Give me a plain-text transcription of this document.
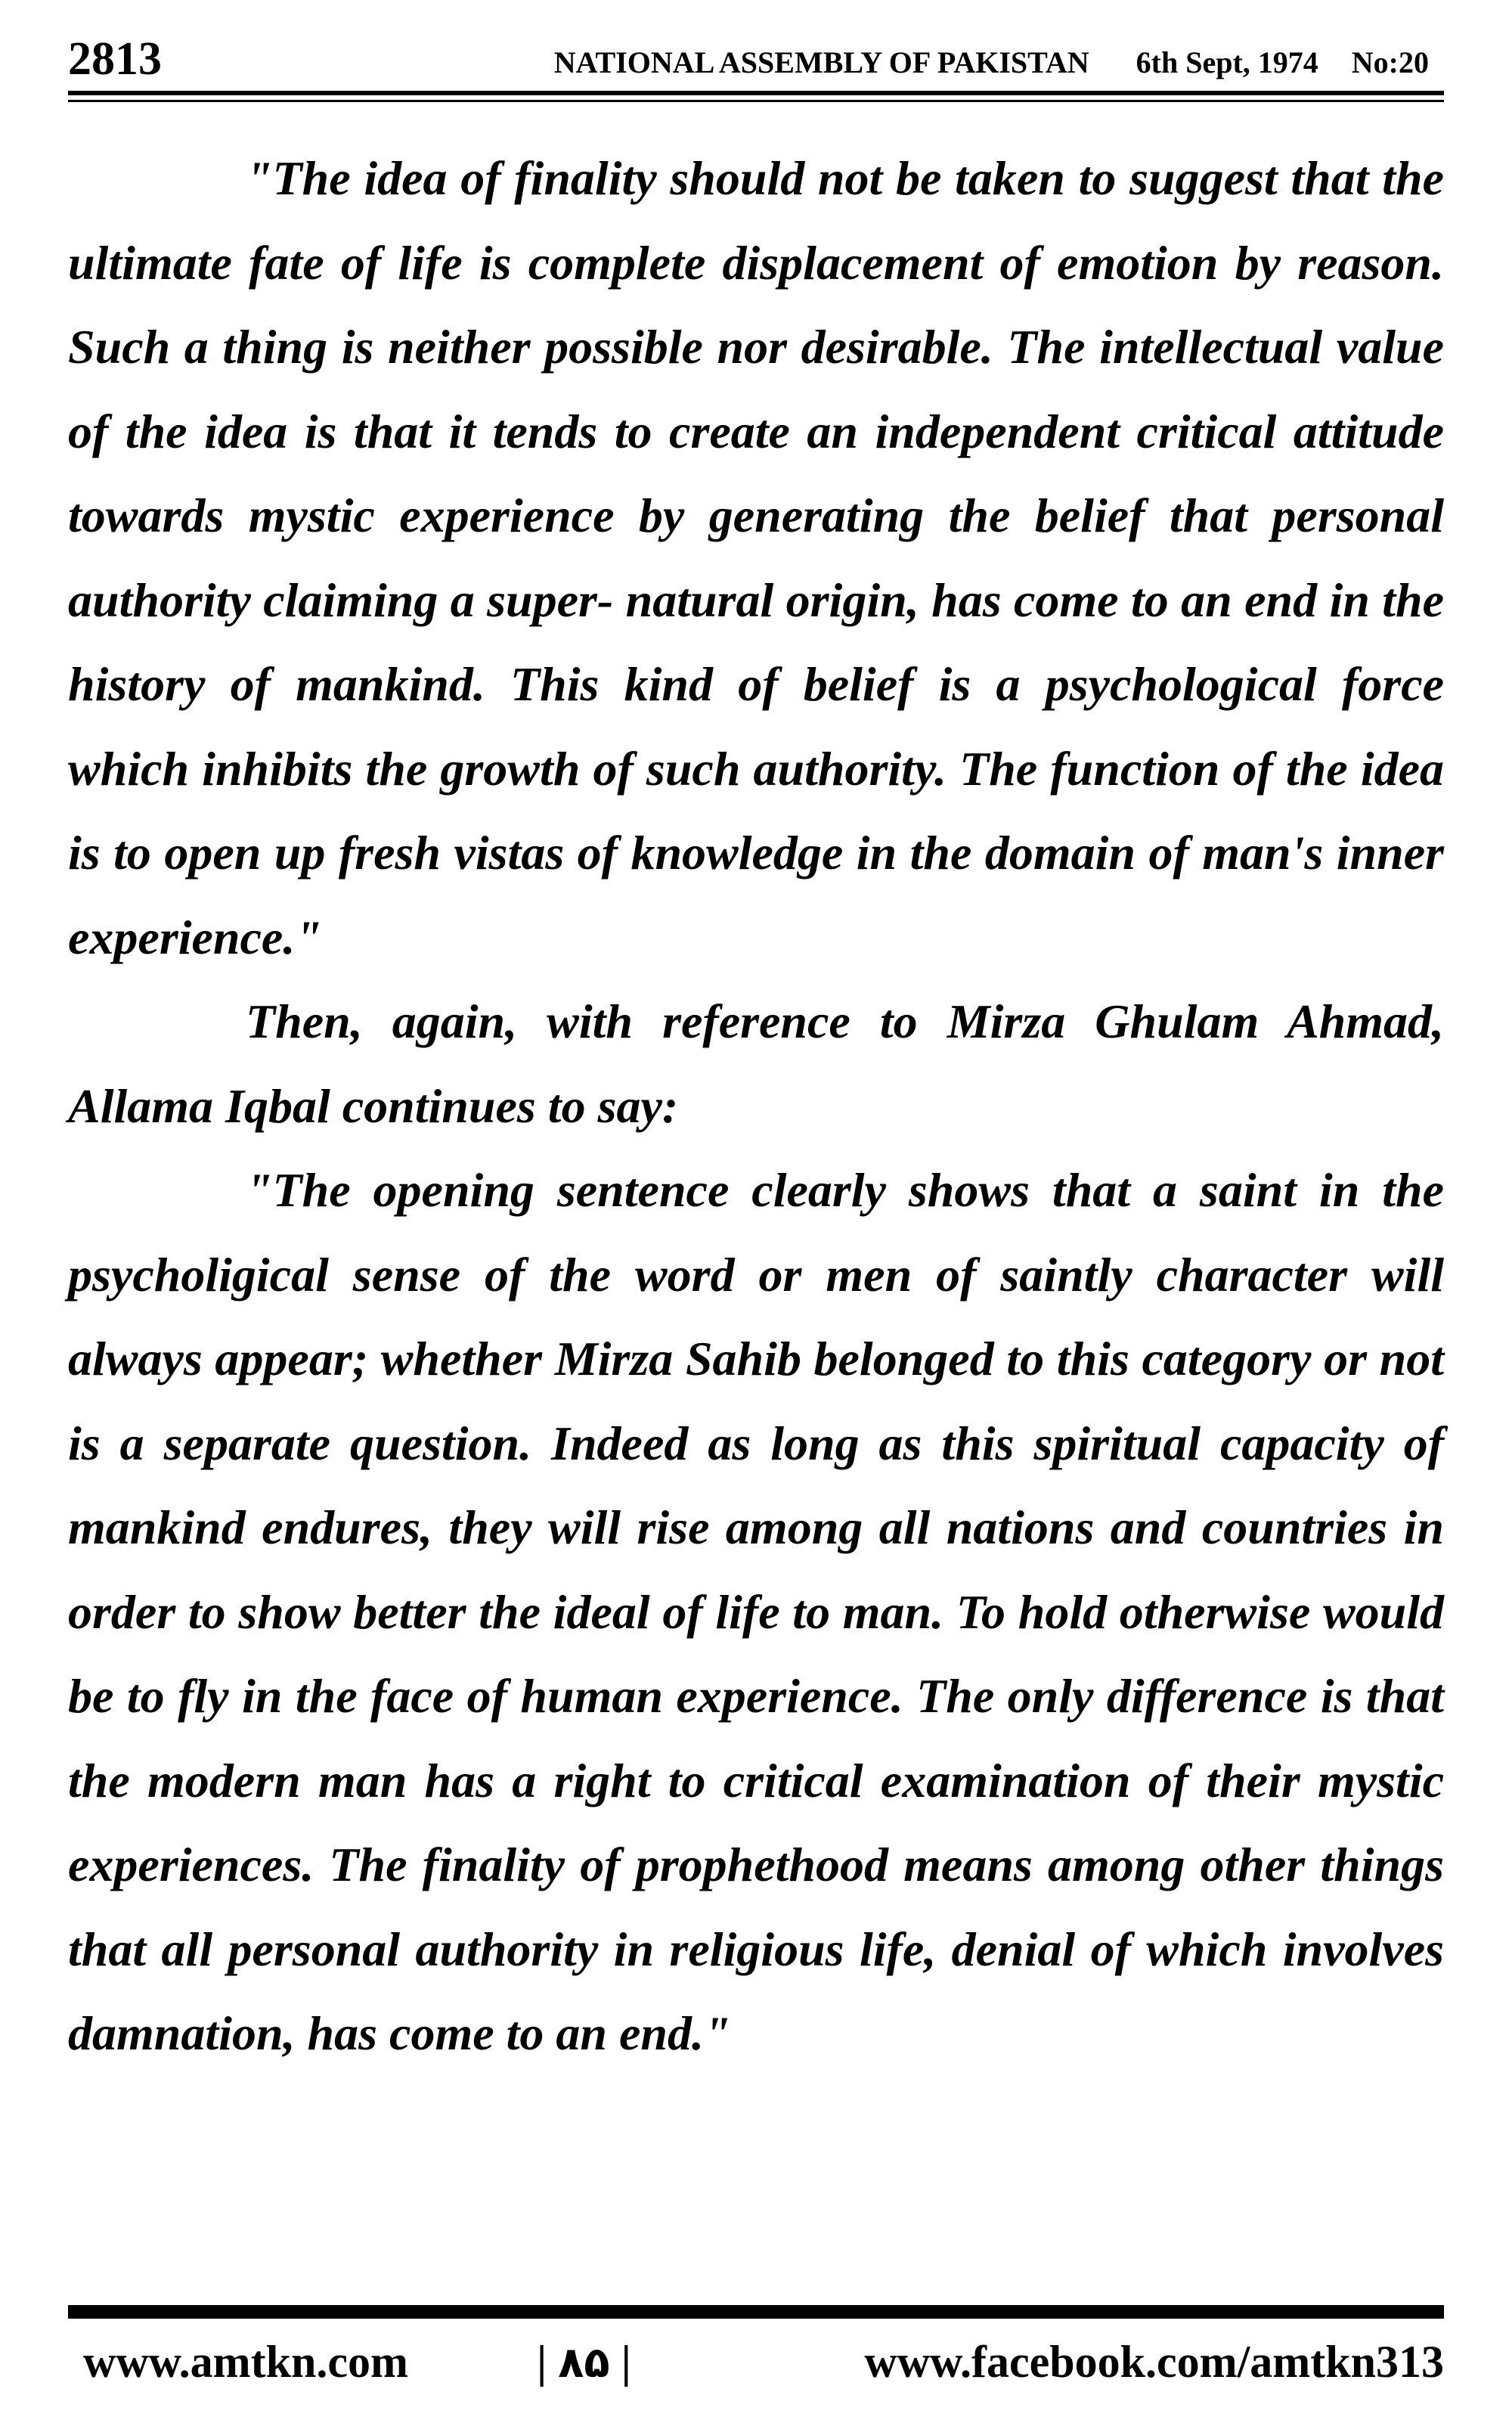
2813	NATIONAL ASSEMBLY OF PAKISTAN 6th Sept, 1974 No:20

"The idea of finality should not be taken to suggest that the ultimate fate of life is complete displacement of emotion by reason. Such a thing is neither possible nor desirable. The intellectual value of the idea is that it tends to create an independent critical attitude towards mystic experience by generating the belief that personal authority claiming a super- natural origin, has come to an end in the history of mankind. This kind of belief is a psychological force which inhibits the growth of such authority. The function of the idea is to open up fresh vistas of knowledge in the domain of man's inner experience."

Then, again, with reference to Mirza Ghulam Ahmad, Allama Iqbal continues to say:

"The opening sentence clearly shows that a saint in the psycholigical sense of the word or men of saintly character will always appear; whether Mirza Sahib belonged to this category or not is a separate question. Indeed as long as this spiritual capacity of mankind endures, they will rise among all nations and countries in order to show better the ideal of life to man. To hold otherwise would be to fly in the face of human experience. The only difference is that the modern man has a right to critical examination of their mystic experiences. The finality of prophethood means among other things that all personal authority in religious life, denial of which involves damnation, has come to an end."

www.amtkn.com	| ۸۵ |	www.facebook.com/amtkn313
